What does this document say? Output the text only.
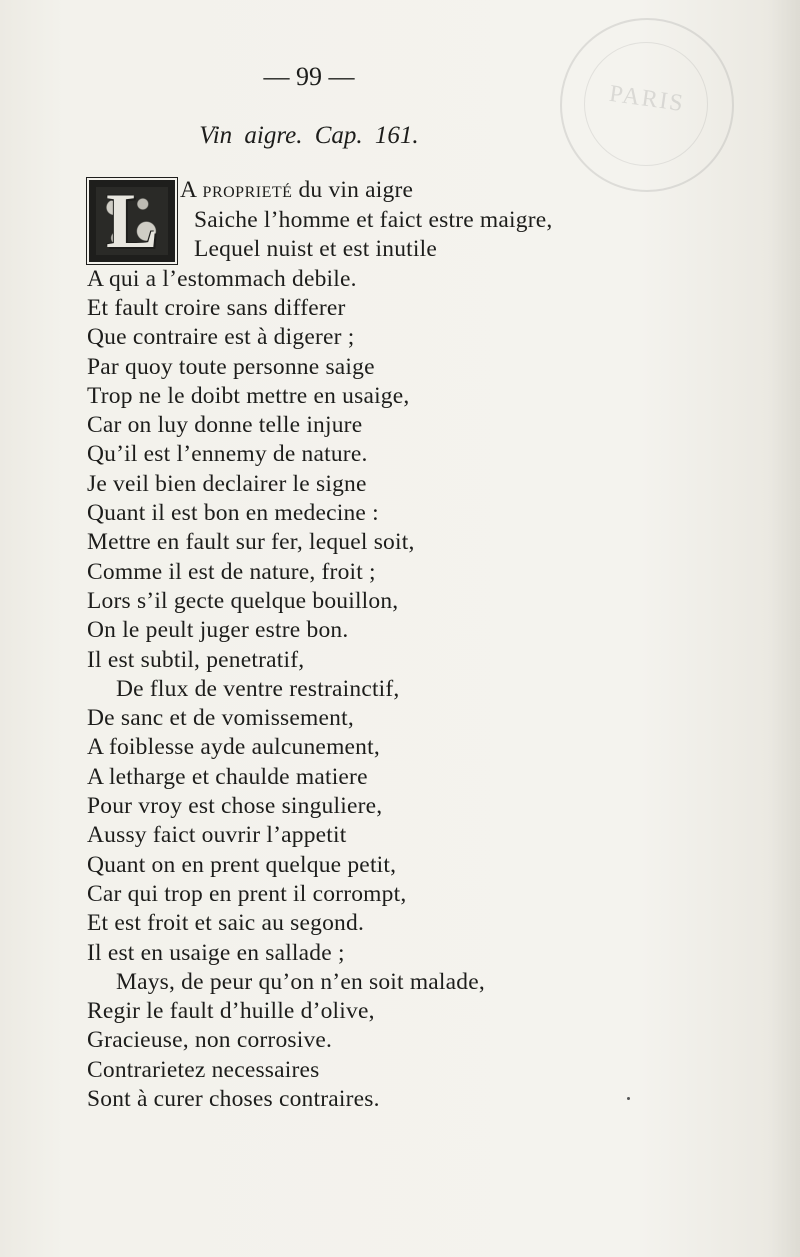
PARIS
— 99 —
Vin aigre. Cap. 161.
L A proprieté du vin aigre
Saiche l’homme et faict estre maigre,
Lequel nuist et est inutile
A qui a l’estommach debile.
Et fault croire sans differer
Que contraire est à digerer ;
Par quoy toute personne saige
Trop ne le doibt mettre en usaige,
Car on luy donne telle injure
Qu’il est l’ennemy de nature.
Je veil bien declairer le signe
Quant il est bon en medecine :
Mettre en fault sur fer, lequel soit,
Comme il est de nature, froit ;
Lors s’il gecte quelque bouillon,
On le peult juger estre bon.
Il est subtil, penetratif,
De flux de ventre restrainctif,
De sanc et de vomissement,
A foiblesse ayde aulcunement,
A letharge et chaulde matiere
Pour vroy est chose singuliere,
Aussy faict ouvrir l’appetit
Quant on en prent quelque petit,
Car qui trop en prent il corrompt,
Et est froit et saic au segond.
Il est en usaige en sallade ;
Mays, de peur qu’on n’en soit malade,
Regir le fault d’huille d’olive,
Gracieuse, non corrosive.
Contrarietez necessaires
Sont à curer choses contraires.
